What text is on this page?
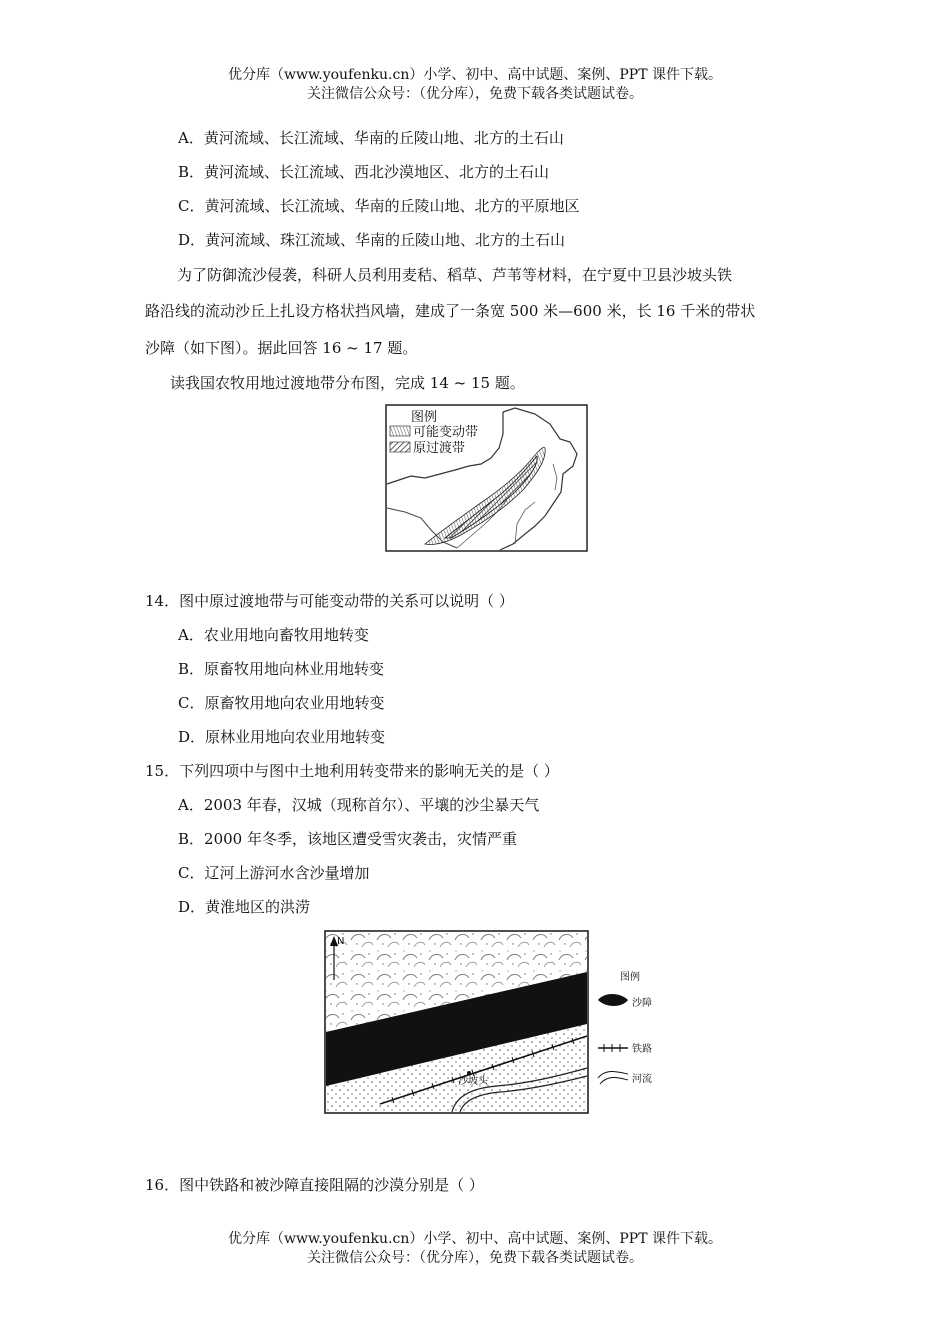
优分库（www.youfenku.cn）小学、初中、高中试题、案例、PPT 课件下载。
关注微信公众号：（优分库），免费下载各类试题试卷。
A．黄河流域、长江流域、华南的丘陵山地、北方的土石山
B．黄河流域、长江流域、西北沙漠地区、北方的土石山
C．黄河流域、长江流域、华南的丘陵山地、北方的平原地区
D．黄河流域、珠江流域、华南的丘陵山地、北方的土石山
为了防御流沙侵袭，科研人员利用麦秸、稻草、芦苇等材料，在宁夏中卫县沙坡头铁
路沿线的流动沙丘上扎设方格状挡风墙，建成了一条宽 500 米—600 米，长 16 千米的带状
沙障（如下图）。据此回答 16 ~ 17 题。
读我国农牧用地过渡地带分布图，完成 14 ~ 15 题。
图例
可能变动带
原过渡带
14．图中原过渡地带与可能变动带的关系可以说明（ ）
A．农业用地向畜牧用地转变
B．原畜牧用地向林业用地转变
C．原畜牧用地向农业用地转变
D．原林业用地向农业用地转变
15．下列四项中与图中土地利用转变带来的影响无关的是（ ）
A．2003 年春，汉城（现称首尔）、平壤的沙尘暴天气
B．2000 年冬季，该地区遭受雪灾袭击，灾情严重
C．辽河上游河水含沙量增加
D．黄淮地区的洪涝
N
沙坡头
图例
沙障
铁路
河流
16．图中铁路和被沙障直接阻隔的沙漠分别是（ ）
优分库（www.youfenku.cn）小学、初中、高中试题、案例、PPT 课件下载。
关注微信公众号：（优分库），免费下载各类试题试卷。
